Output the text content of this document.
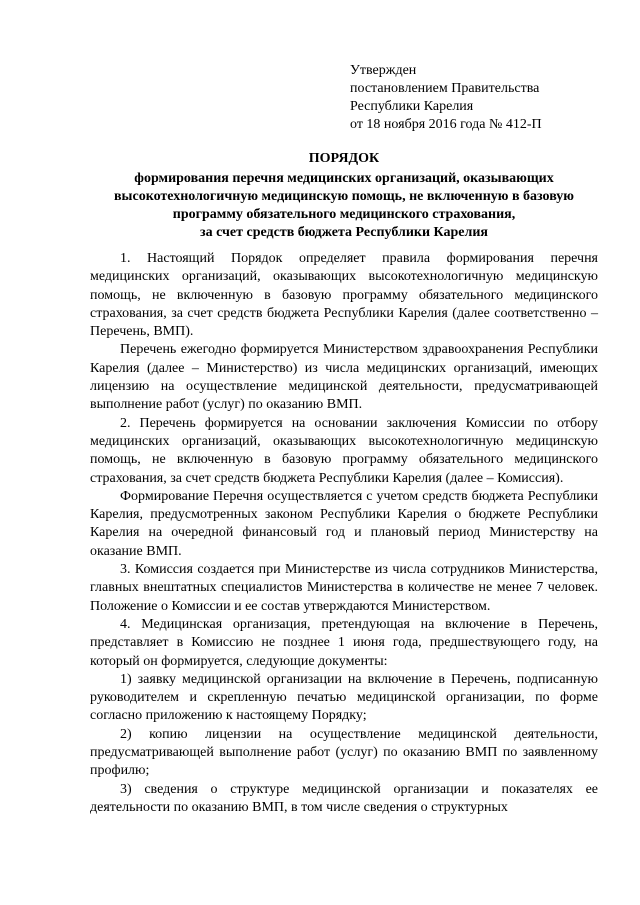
Утвержден
постановлением Правительства
Республики Карелия
от 18 ноября 2016 года № 412-П
ПОРЯДОК
формирования перечня медицинских организаций, оказывающих
высокотехнологичную медицинскую помощь, не включенную в базовую
программу обязательного медицинского страхования,
за счет средств бюджета Республики Карелия

1. Настоящий Порядок определяет правила формирования перечня медицинских организаций, оказывающих высокотехнологичную медицинскую помощь, не включенную в базовую программу обязательного медицинского страхования, за счет средств бюджета Республики Карелия (далее соответственно – Перечень, ВМП).

Перечень ежегодно формируется Министерством здравоохранения Республики Карелия (далее – Министерство) из числа медицинских организаций, имеющих лицензию на осуществление медицинской деятельности, предусматривающей выполнение работ (услуг) по оказанию ВМП.

2. Перечень формируется на основании заключения Комиссии по отбору медицинских организаций, оказывающих высокотехнологичную медицинскую помощь, не включенную в базовую программу обязательного медицинского страхования, за счет средств бюджета Республики Карелия (далее – Комиссия).

Формирование Перечня осуществляется с учетом средств бюджета Республики Карелия, предусмотренных законом Республики Карелия о бюджете Республики Карелия на очередной финансовый год и плановый период Министерству на оказание ВМП.

3. Комиссия создается при Министерстве из числа сотрудников Министерства, главных внештатных специалистов Министерства в количестве не менее 7 человек. Положение о Комиссии и ее состав утверждаются Министерством.

4. Медицинская организация, претендующая на включение в Перечень, представляет в Комиссию не позднее 1 июня года, предшествующего году, на который он формируется, следующие документы:

1) заявку медицинской организации на включение в Перечень, подписанную руководителем и скрепленную печатью медицинской организации, по форме согласно приложению к настоящему Порядку;

2) копию лицензии на осуществление медицинской деятельности, предусматривающей выполнение работ (услуг) по оказанию ВМП по заявленному профилю;

3) сведения о структуре медицинской организации и показателях ее деятельности по оказанию ВМП, в том числе сведения о структурных
